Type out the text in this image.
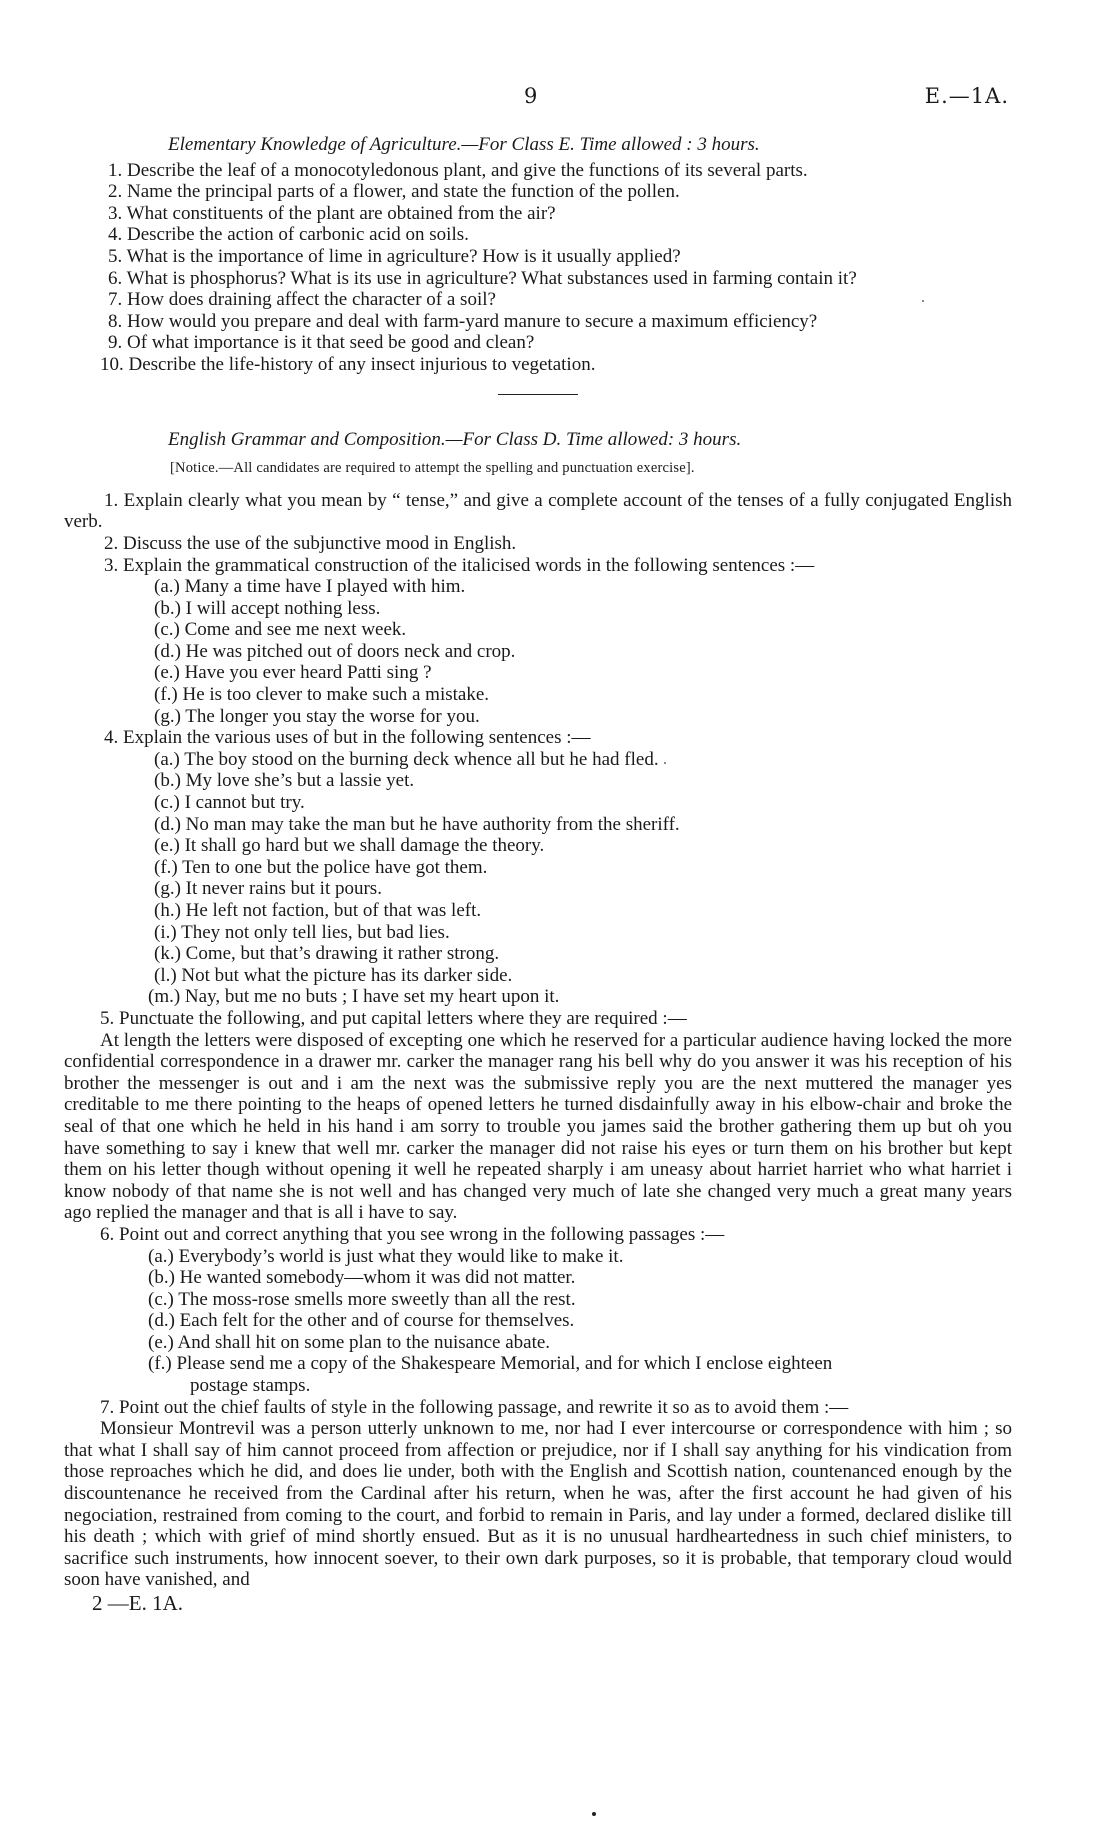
9	E.—1A.
Elementary Knowledge of Agriculture.—For Class E. Time allowed : 3 hours.
1. Describe the leaf of a monocotyledonous plant, and give the functions of its several parts.
2. Name the principal parts of a flower, and state the function of the pollen.
3. What constituents of the plant are obtained from the air?
4. Describe the action of carbonic acid on soils.
5. What is the importance of lime in agriculture? How is it usually applied?
6. What is phosphorus? What is its use in agriculture? What substances used in farming contain it?
7. How does draining affect the character of a soil?
8. How would you prepare and deal with farm-yard manure to secure a maximum efficiency?
9. Of what importance is it that seed be good and clean?
10. Describe the life-history of any insect injurious to vegetation.
English Grammar and Composition.—For Class D. Time allowed: 3 hours.
[Notice.—All candidates are required to attempt the spelling and punctuation exercise].
1. Explain clearly what you mean by “ tense,” and give a complete account of the tenses of a fully conjugated English verb.
2. Discuss the use of the subjunctive mood in English.
3. Explain the grammatical construction of the italicised words in the following sentences :—
(a.) Many a time have I played with him.
(b.) I will accept nothing less.
(c.) Come and see me next week.
(d.) He was pitched out of doors neck and crop.
(e.) Have you ever heard Patti sing ?
(f.) He is too clever to make such a mistake.
(g.) The longer you stay the worse for you.
4. Explain the various uses of but in the following sentences :—
(a.) The boy stood on the burning deck whence all but he had fled.
(b.) My love she’s but a lassie yet.
(c.) I cannot but try.
(d.) No man may take the man but he have authority from the sheriff.
(e.) It shall go hard but we shall damage the theory.
(f.) Ten to one but the police have got them.
(g.) It never rains but it pours.
(h.) He left not faction, but of that was left.
(i.) They not only tell lies, but bad lies.
(k.) Come, but that’s drawing it rather strong.
(l.) Not but what the picture has its darker side.
(m.) Nay, but me no buts ; I have set my heart upon it.
5. Punctuate the following, and put capital letters where they are required :—
At length the letters were disposed of excepting one which he reserved for a particular audience having locked the more confidential correspondence in a drawer mr. carker the manager rang his bell why do you answer it was his reception of his brother the messenger is out and i am the next was the submissive reply you are the next muttered the manager yes creditable to me there pointing to the heaps of opened letters he turned disdainfully away in his elbow-chair and broke the seal of that one which he held in his hand i am sorry to trouble you james said the brother gathering them up but oh you have something to say i knew that well mr. carker the manager did not raise his eyes or turn them on his brother but kept them on his letter though without opening it well he repeated sharply i am uneasy about harriet harriet who what harriet i know nobody of that name she is not well and has changed very much of late she changed very much a great many years ago replied the manager and that is all i have to say.
6. Point out and correct anything that you see wrong in the following passages :—
(a.) Everybody’s world is just what they would like to make it.
(b.) He wanted somebody—whom it was did not matter.
(c.) The moss-rose smells more sweetly than all the rest.
(d.) Each felt for the other and of course for themselves.
(e.) And shall hit on some plan to the nuisance abate.
(f.) Please send me a copy of the Shakespeare Memorial, and for which I enclose eighteen
postage stamps.
7. Point out the chief faults of style in the following passage, and rewrite it so as to avoid them :—
Monsieur Montrevil was a person utterly unknown to me, nor had I ever intercourse or correspondence with him ; so that what I shall say of him cannot proceed from affection or prejudice, nor if I shall say anything for his vindication from those reproaches which he did, and does lie under, both with the English and Scottish nation, countenanced enough by the discountenance he received from the Cardinal after his return, when he was, after the first account he had given of his negociation, restrained from coming to the court, and forbid to remain in Paris, and lay under a formed, declared dislike till his death ; which with grief of mind shortly ensued. But as it is no unusual hardheartedness in such chief ministers, to sacrifice such instruments, how innocent soever, to their own dark purposes, so it is probable, that temporary cloud would soon have vanished, and
2 —E. 1A.
